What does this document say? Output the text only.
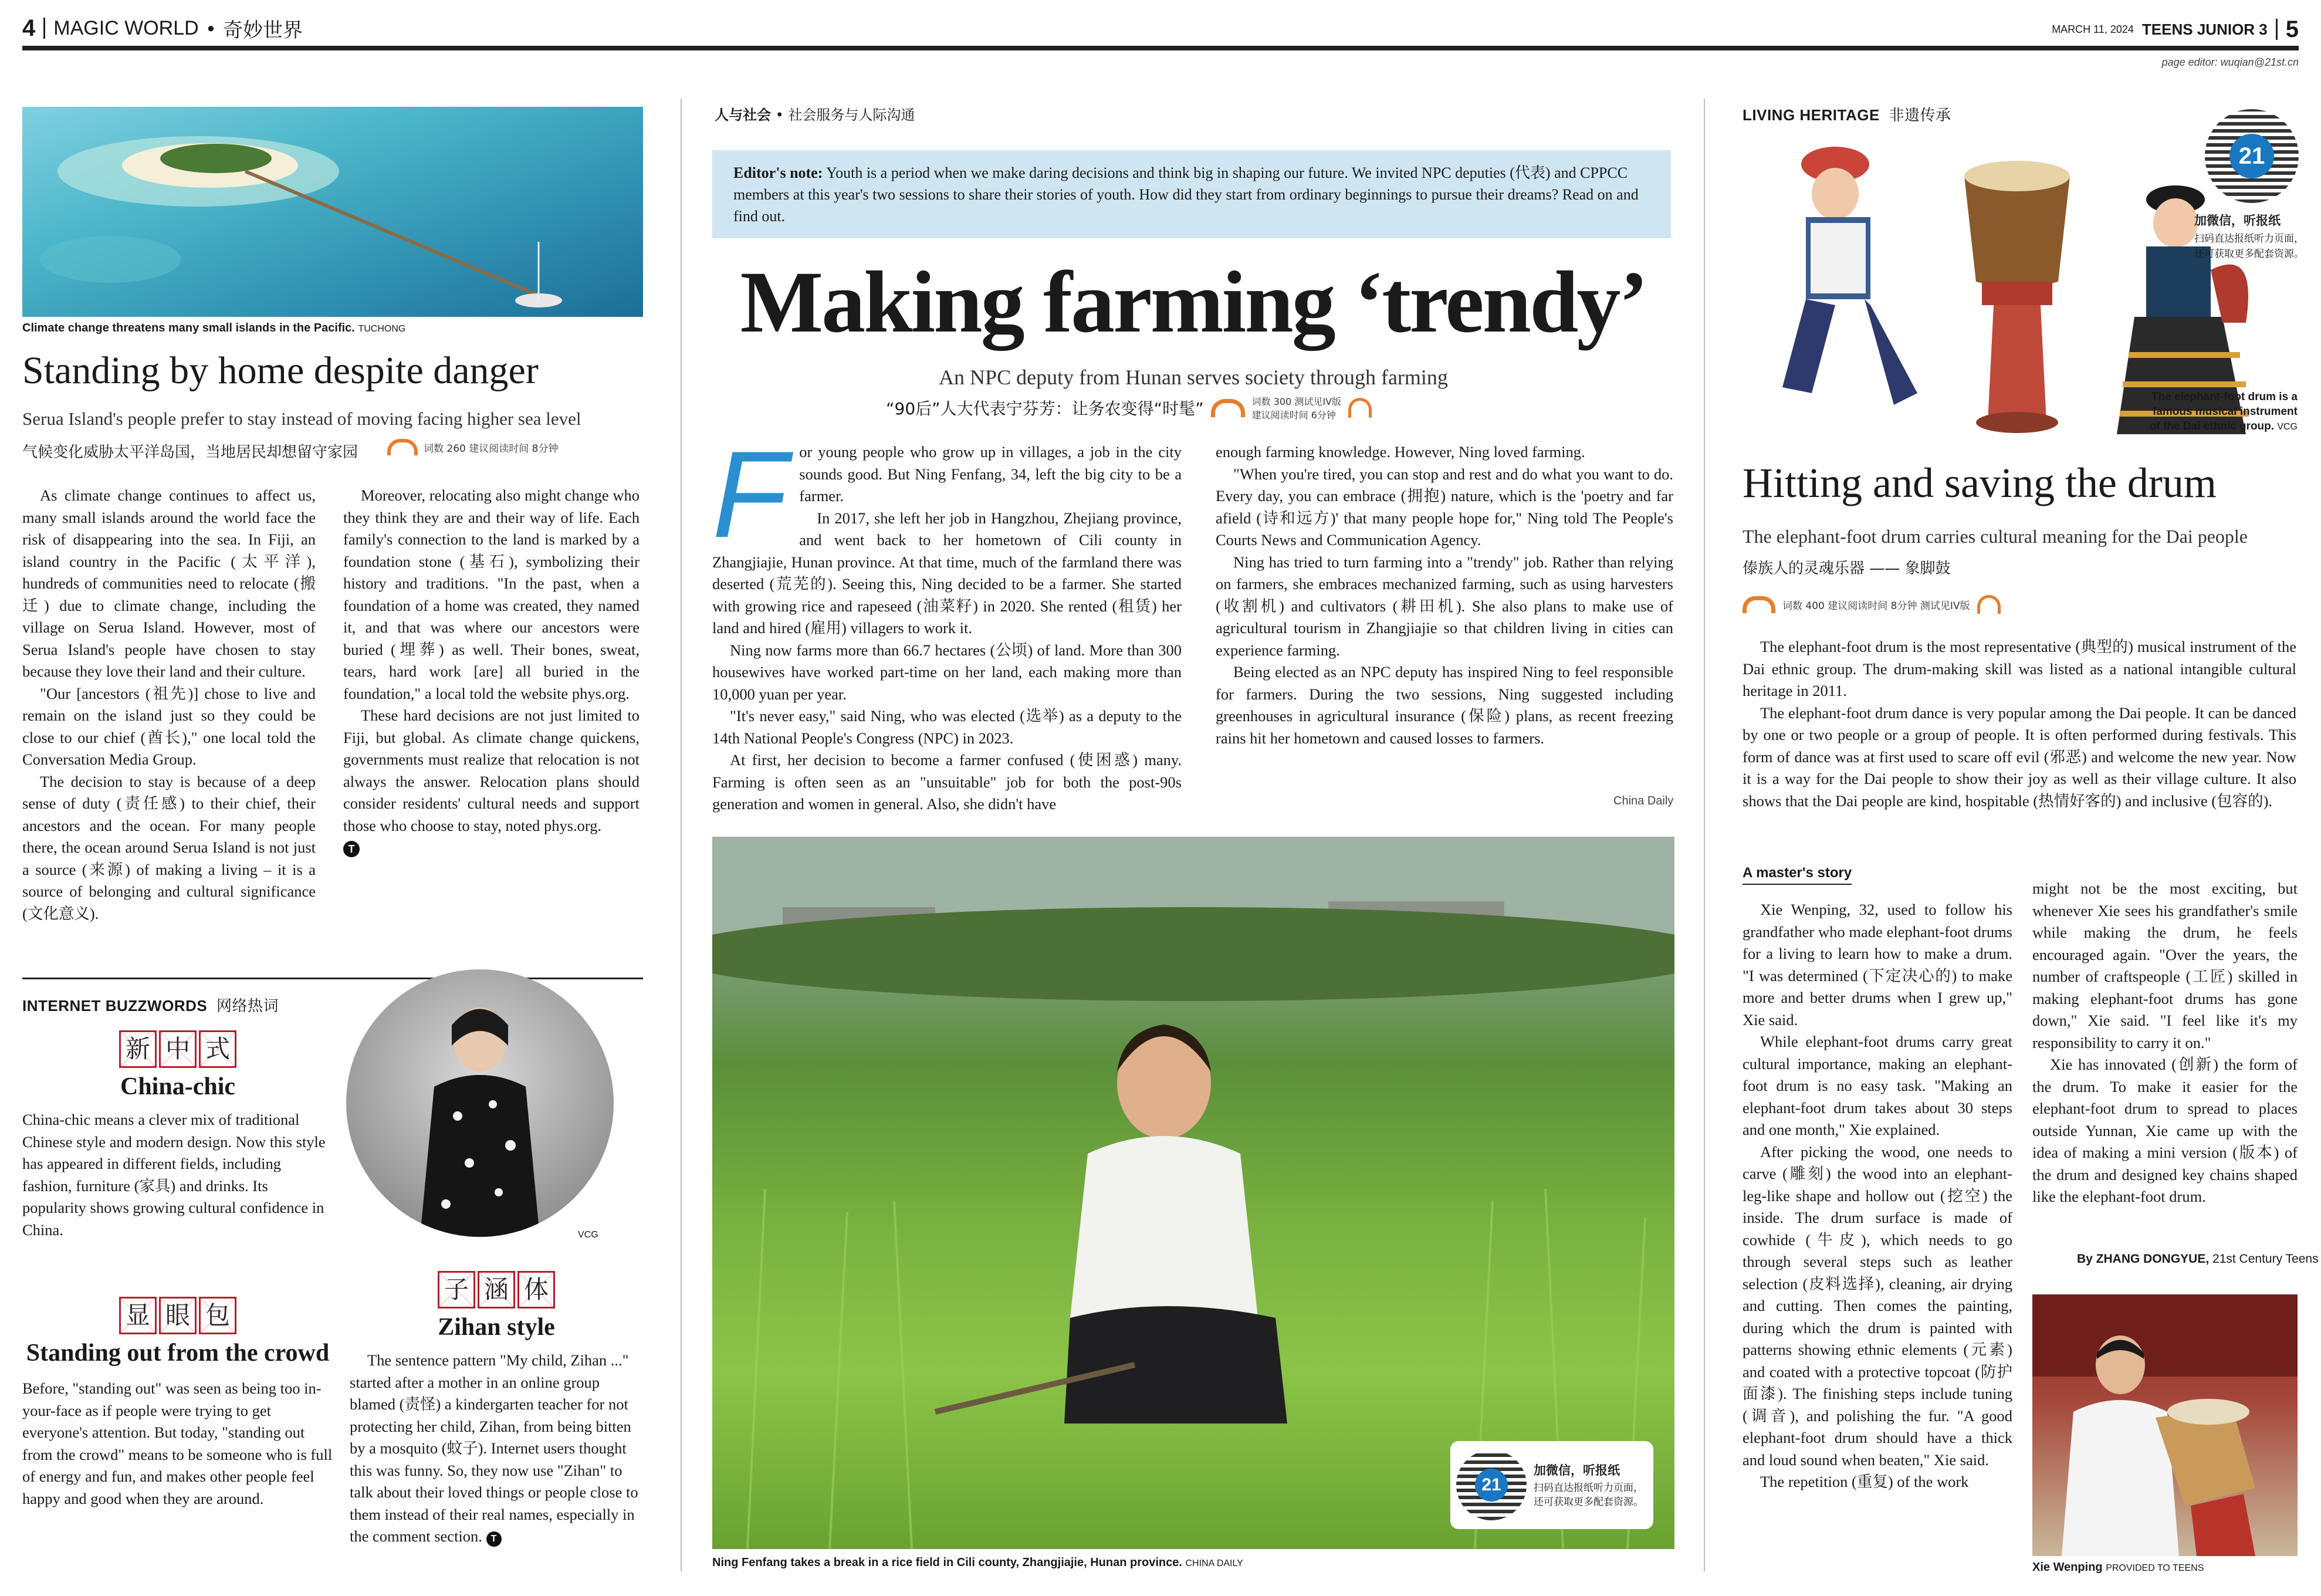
4 MAGIC WORLD ● 奇妙世界	MARCH 11, 2024 TEENS JUNIOR 3 5
page editor: wuqian@21st.cn
Climate change threatens many small islands in the Pacific. TUCHONG
Standing by home despite danger
Serua Island's people prefer to stay instead of moving facing higher sea level
气候变化威胁太平洋岛国，当地居民却想留守家园	词数 260 建议阅读时间 8分钟

As climate change continues to affect us, many small islands around the world face the risk of disappearing into the sea. In Fiji, an island country in the Pacific (太平洋), hundreds of communities need to relocate (搬迁) due to climate change, including the village on Serua Island. However, most of Serua Island's people have chosen to stay because they love their land and their culture.

"Our [ancestors (祖先)] chose to live and remain on the island just so they could be close to our chief (酋长)," one local told the Conversation Media Group.

The decision to stay is because of a deep sense of duty (责任感) to their chief, their ancestors and the ocean. For many people there, the ocean around Serua Island is not just a source (来源) of making a living – it is a source of belonging and cultural significance (文化意义).

Moreover, relocating also might change who they think they are and their way of life. Each family's connection to the land is marked by a foundation stone (基石), symbolizing their history and traditions. "In the past, when a foundation of a home was created, they named it, and that was where our ancestors were buried (埋葬) as well. Their bones, sweat, tears, hard work [are] all buried in the foundation," a local told the website phys.org.

These hard decisions are not just limited to Fiji, but global. As climate change quickens, governments must realize that relocation is not always the answer. Relocation plans should consider residents' cultural needs and support those who choose to stay, noted phys.org.

T
INTERNET BUZZWORDS 网络热词
新 中 式
China-chic
China-chic means a clever mix of traditional Chinese style and modern design. Now this style has appeared in different fields, including fashion, furniture (家具) and drinks. Its popularity shows growing cultural confidence in China.	VCG
显 眼 包
Standing out from the crowd
Before, "standing out" was seen as being too in-your-face as if people were trying to get everyone's attention. But today, "standing out from the crowd" means to be someone who is full of energy and fun, and makes other people feel happy and good when they are around.
子 涵 体
Zihan style
The sentence pattern "My child, Zihan ..." started after a mother in an online group blamed (责怪) a kindergarten teacher for not protecting her child, Zihan, from being bitten by a mosquito (蚊子). Internet users thought this was funny. So, they now use "Zihan" to talk about their loved things or people close to them instead of their real names, especially in the comment section. T
人与社会 • 社会服务与人际沟通
Editor's note: Youth is a period when we make daring decisions and think big in shaping our future. We invited NPC deputies (代表) and CPPCC members at this year's two sessions to share their stories of youth. How did they start from ordinary beginnings to pursue their dreams? Read on and find out.
Making farming ‘trendy’
An NPC deputy from Hunan serves society through farming
“90后”人大代表宁芬芳：让务农变得“时髦”	词数 300 测试见IV版
建议阅读时间 6分钟
F or young people who grow up in villages, a job in the city sounds good. But Ning Fenfang, 34, left the big city to be a farmer.

In 2017, she left her job in Hangzhou, Zhejiang province, and went back to her hometown of Cili county in Zhangjiajie, Hunan province. At that time, much of the farmland there was deserted (荒芜的). Seeing this, Ning decided to be a farmer. She started with growing rice and rapeseed (油菜籽) in 2020. She rented (租赁) her land and hired (雇用) villagers to work it.

Ning now farms more than 66.7 hectares (公顷) of land. More than 300 housewives have worked part-time on her land, each making more than 10,000 yuan per year.

"It's never easy," said Ning, who was elected (选举) as a deputy to the 14th National People's Congress (NPC) in 2023.

At first, her decision to become a farmer confused (使困惑) many. Farming is often seen as an "unsuitable" job for both the post-90s generation and women in general. Also, she didn't have

enough farming knowledge. However, Ning loved farming.

"When you're tired, you can stop and rest and do what you want to do. Every day, you can embrace (拥抱) nature, which is the 'poetry and far afield (诗和远方)' that many people hope for," Ning told The People's Courts News and Communication Agency.

Ning has tried to turn farming into a "trendy" job. Rather than relying on farmers, she embraces mechanized farming, such as using harvesters (收割机) and cultivators (耕田机). She also plans to make use of agricultural tourism in Zhangjiajie so that children living in cities can experience farming.

Being elected as an NPC deputy has inspired Ning to feel responsible for farmers. During the two sessions, Ning suggested including greenhouses in agricultural insurance (保险) plans, as recent freezing rains hit her hometown and caused losses to farmers.

China Daily
21
加微信，听报纸
扫码直达报纸听力页面，还可获取更多配套资源。
Ning Fenfang takes a break in a rice field in Cili county, Zhangjiajie, Hunan province. CHINA DAILY
LIVING HERITAGE 非遗传承
21
加微信，听报纸
扫码直达报纸听力页面，还可获取更多配套资源。
The elephant-foot drum is a famous musical instrument of the Dai ethnic group. VCG
Hitting and saving the drum
The elephant-foot drum carries cultural meaning for the Dai people
傣族人的灵魂乐器 —— 象脚鼓
词数 400 建议阅读时间 8分钟 测试见IV版

The elephant-foot drum is the most representative (典型的) musical instrument of the Dai ethnic group. The drum-making skill was listed as a national intangible cultural heritage in 2011.

The elephant-foot drum dance is very popular among the Dai people. It can be danced by one or two people or a group of people. It is often performed during festivals. This form of dance was at first used to scare off evil (邪恶) and welcome the new year. Now it is a way for the Dai people to show their joy as well as their village culture. It also shows that the Dai people are kind, hospitable (热情好客的) and inclusive (包容的).

A master's story

Xie Wenping, 32, used to follow his grandfather who made elephant-foot drums for a living to learn how to make a drum. "I was determined (下定决心的) to make more and better drums when I grew up," Xie said.

While elephant-foot drums carry great cultural importance, making an elephant-foot drum is no easy task. "Making an elephant-foot drum takes about 30 steps and one month," Xie explained.

After picking the wood, one needs to carve (雕刻) the wood into an elephant-leg-like shape and hollow out (挖空) the inside. The drum surface is made of cowhide (牛皮), which needs to go through several steps such as leather selection (皮料选择), cleaning, air drying and cutting. Then comes the painting, during which the drum is painted with patterns showing ethnic elements (元素) and coated with a protective topcoat (防护面漆). The finishing steps include tuning (调音), and polishing the fur. "A good elephant-foot drum should have a thick and loud sound when beaten," Xie said.

The repetition (重复) of the work

might not be the most exciting, but whenever Xie sees his grandfather's smile while making the drum, he feels encouraged again. "Over the years, the number of craftspeople (工匠) skilled in making elephant-foot drums has gone down," Xie said. "I feel like it's my responsibility to carry it on."

Xie has innovated (创新) the form of the drum. To make it easier for the elephant-foot drum to spread to places outside Yunnan, Xie came up with the idea of making a mini version (版本) of the drum and designed key chains shaped like the elephant-foot drum.

By ZHANG DONGYUE, 21st Century Teens
Xie Wenping PROVIDED TO TEENS
